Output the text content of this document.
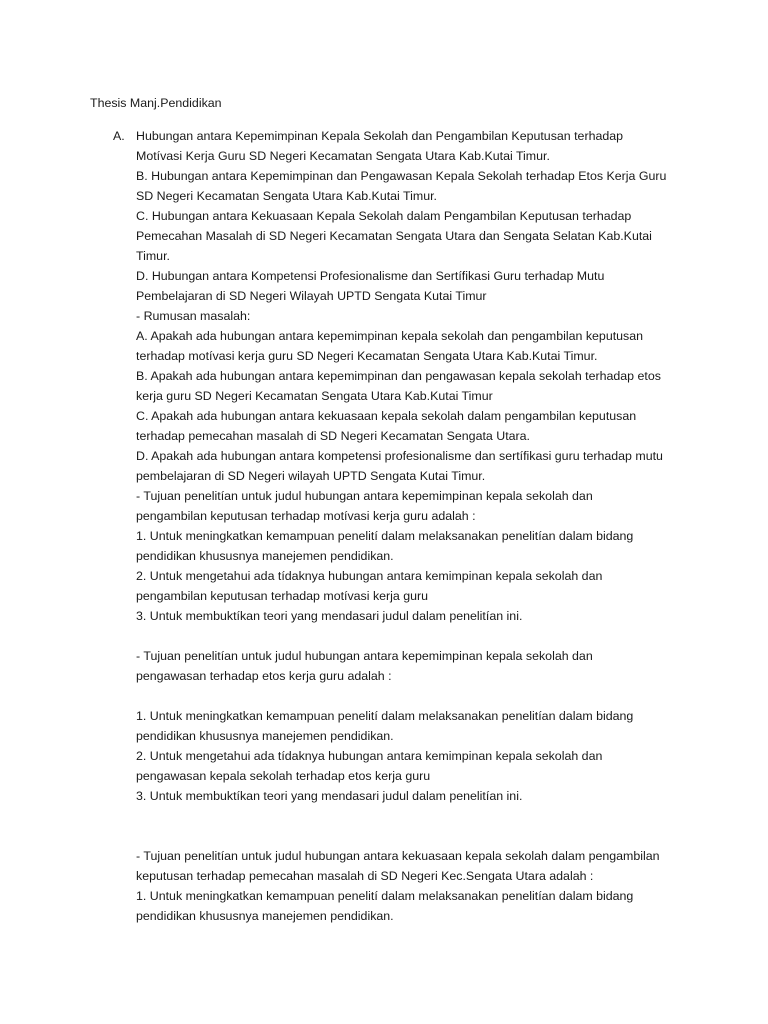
Thesis Manj.Pendidikan

A. Hubungan antara Kepemimpinan Kepala Sekolah dan Pengambilan Keputusan terhadap
Motívasi Kerja Guru SD Negeri Kecamatan Sengata Utara Kab.Kutai Timur.
B. Hubungan antara Kepemimpinan dan Pengawasan Kepala Sekolah terhadap Etos Kerja Guru
SD Negeri Kecamatan Sengata Utara Kab.Kutai Timur.
C. Hubungan antara Kekuasaan Kepala Sekolah dalam Pengambilan Keputusan terhadap
Pemecahan Masalah di SD Negeri Kecamatan Sengata Utara dan Sengata Selatan Kab.Kutai
Timur.
D. Hubungan antara Kompetensi Profesionalisme dan Sertífikasi Guru terhadap Mutu
Pembelajaran di SD Negeri Wilayah UPTD Sengata Kutai Timur
- Rumusan masalah:
A. Apakah ada hubungan antara kepemimpinan kepala sekolah dan pengambilan keputusan
terhadap motívasi kerja guru SD Negeri Kecamatan Sengata Utara Kab.Kutai Timur.
B. Apakah ada hubungan antara kepemimpinan dan pengawasan kepala sekolah terhadap etos
kerja guru SD Negeri Kecamatan Sengata Utara Kab.Kutai Timur
C. Apakah ada hubungan antara kekuasaan kepala sekolah dalam pengambilan keputusan
terhadap pemecahan masalah di SD Negeri Kecamatan Sengata Utara.
D. Apakah ada hubungan antara kompetensi profesionalisme dan sertífikasi guru terhadap mutu
pembelajaran di SD Negeri wilayah UPTD Sengata Kutai Timur.
- Tujuan penelitían untuk judul hubungan antara kepemimpinan kepala sekolah dan
pengambilan keputusan terhadap motívasi kerja guru adalah :
1. Untuk meningkatkan kemampuan penelití dalam melaksanakan penelitían dalam bidang
pendidikan khususnya manejemen pendidikan.
2. Untuk mengetahui ada tídaknya hubungan antara kemimpinan kepala sekolah dan
pengambilan keputusan terhadap motívasi kerja guru
3. Untuk membuktíkan teori yang mendasari judul dalam penelitían ini.
- Tujuan penelitían untuk judul hubungan antara kepemimpinan kepala sekolah dan
pengawasan terhadap etos kerja guru adalah :
1. Untuk meningkatkan kemampuan penelití dalam melaksanakan penelitían dalam bidang
pendidikan khususnya manejemen pendidikan.
2. Untuk mengetahui ada tídaknya hubungan antara kemimpinan kepala sekolah dan
pengawasan kepala sekolah terhadap etos kerja guru
3. Untuk membuktíkan teori yang mendasari judul dalam penelitían ini.
- Tujuan penelitían untuk judul hubungan antara kekuasaan kepala sekolah dalam pengambilan
keputusan terhadap pemecahan masalah di SD Negeri Kec.Sengata Utara adalah :
1. Untuk meningkatkan kemampuan penelití dalam melaksanakan penelitían dalam bidang
pendidikan khususnya manejemen pendidikan.
